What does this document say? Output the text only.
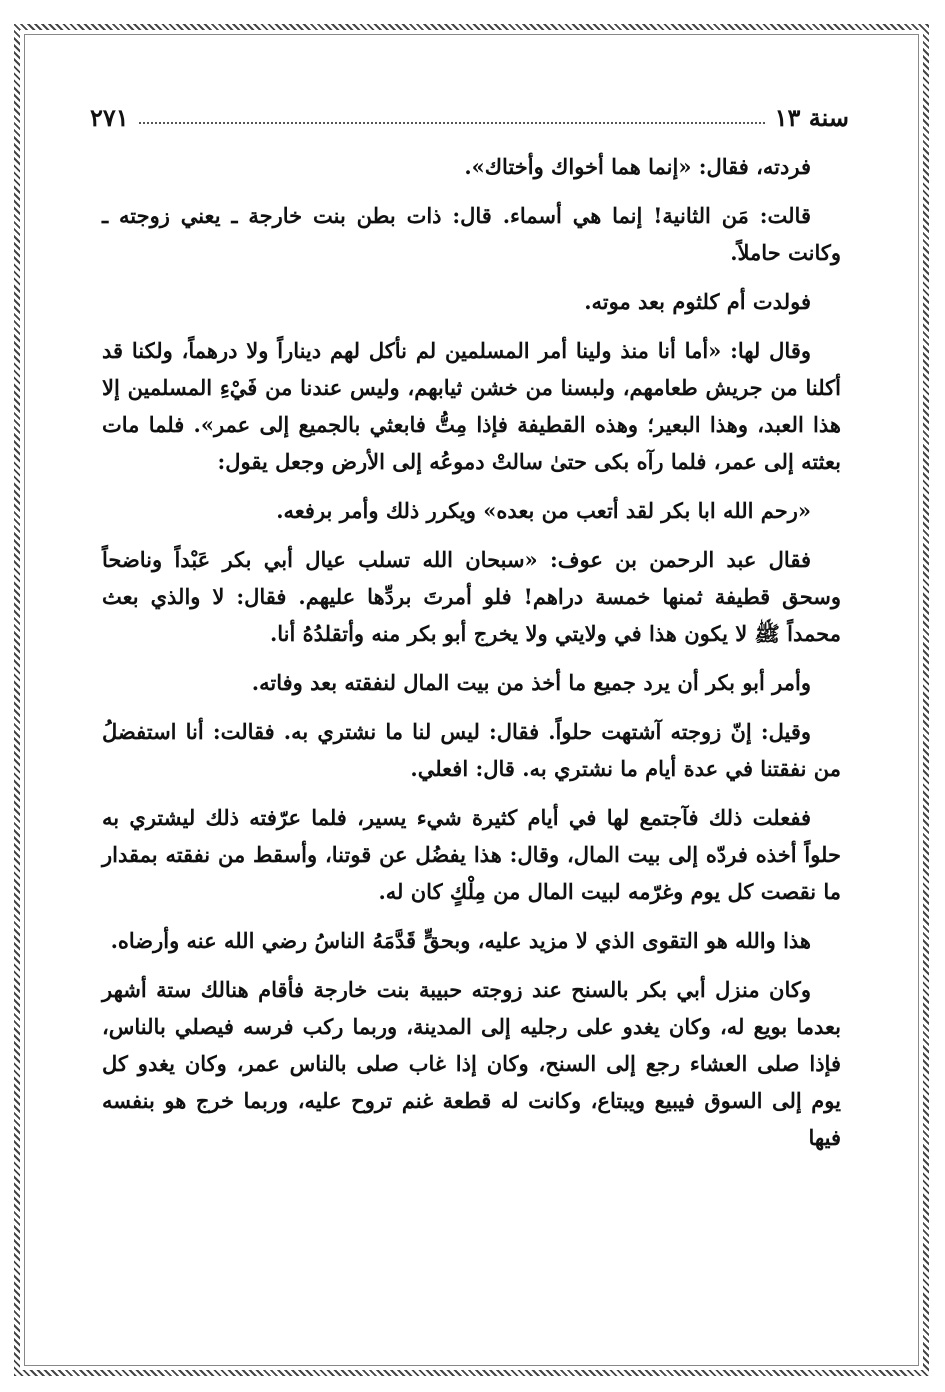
سنة ١٣
٢٧١

فردته، فقال: «إنما هما أخواك وأختاك».

قالت: مَن الثانية! إنما هي أسماء. قال: ذات بطن بنت خارجة ـ يعني زوجته ـ وكانت حاملاً.

فولدت أم كلثوم بعد موته.

وقال لها: «أما أنا منذ ولينا أمر المسلمين لم نأكل لهم ديناراً ولا درهماً، ولكنا قد أكلنا من جريش طعامهم، ولبسنا من خشن ثيابهم، وليس عندنا من فَيْءِ المسلمين إلا هذا العبد، وهذا البعير؛ وهذه القطيفة فإذا مِتُّ فابعثي بالجميع إلى عمر». فلما مات بعثته إلى عمر، فلما رآه بكى حتىٰ سالتْ دموعُه إلى الأرض وجعل يقول:

«رحم الله ابا بكر لقد أتعب من بعده» ويكرر ذلك وأمر برفعه.

فقال عبد الرحمن بن عوف: «سبحان الله تسلب عيال أبي بكر عَبْداً وناضحاً وسحق قطيفة ثمنها خمسة دراهم! فلو أمرتَ بردِّها عليهم. فقال: لا والذي بعث محمداً ﷺ لا يكون هذا في ولايتي ولا يخرج أبو بكر منه وأتقلدُهُ أنا.

وأمر أبو بكر أن يرد جميع ما أخذ من بيت المال لنفقته بعد وفاته.

وقيل: إنّ زوجته آشتهت حلواً. فقال: ليس لنا ما نشتري به. فقالت: أنا استفضلُ من نفقتنا في عدة أيام ما نشتري به. قال: افعلي.

ففعلت ذلك فآجتمع لها في أيام كثيرة شيء يسير، فلما عرّفته ذلك ليشتري به حلواً أخذه فردّه إلى بيت المال، وقال: هذا يفضُل عن قوتنا، وأسقط من نفقته بمقدار ما نقصت كل يوم وغرّمه لبيت المال من مِلْكٍ كان له.

هذا والله هو التقوى الذي لا مزيد عليه، وبحقٍّ قَدَّمَهُ الناسُ رضي الله عنه وأرضاه.

وكان منزل أبي بكر بالسنح عند زوجته حبيبة بنت خارجة فأقام هنالك ستة أشهر بعدما بويع له، وكان يغدو على رجليه إلى المدينة، وربما ركب فرسه فيصلي بالناس، فإذا صلى العشاء رجع إلى السنح، وكان إذا غاب صلى بالناس عمر، وكان يغدو كل يوم إلى السوق فيبيع ويبتاع، وكانت له قطعة غنم تروح عليه، وربما خرج هو بنفسه فيها
